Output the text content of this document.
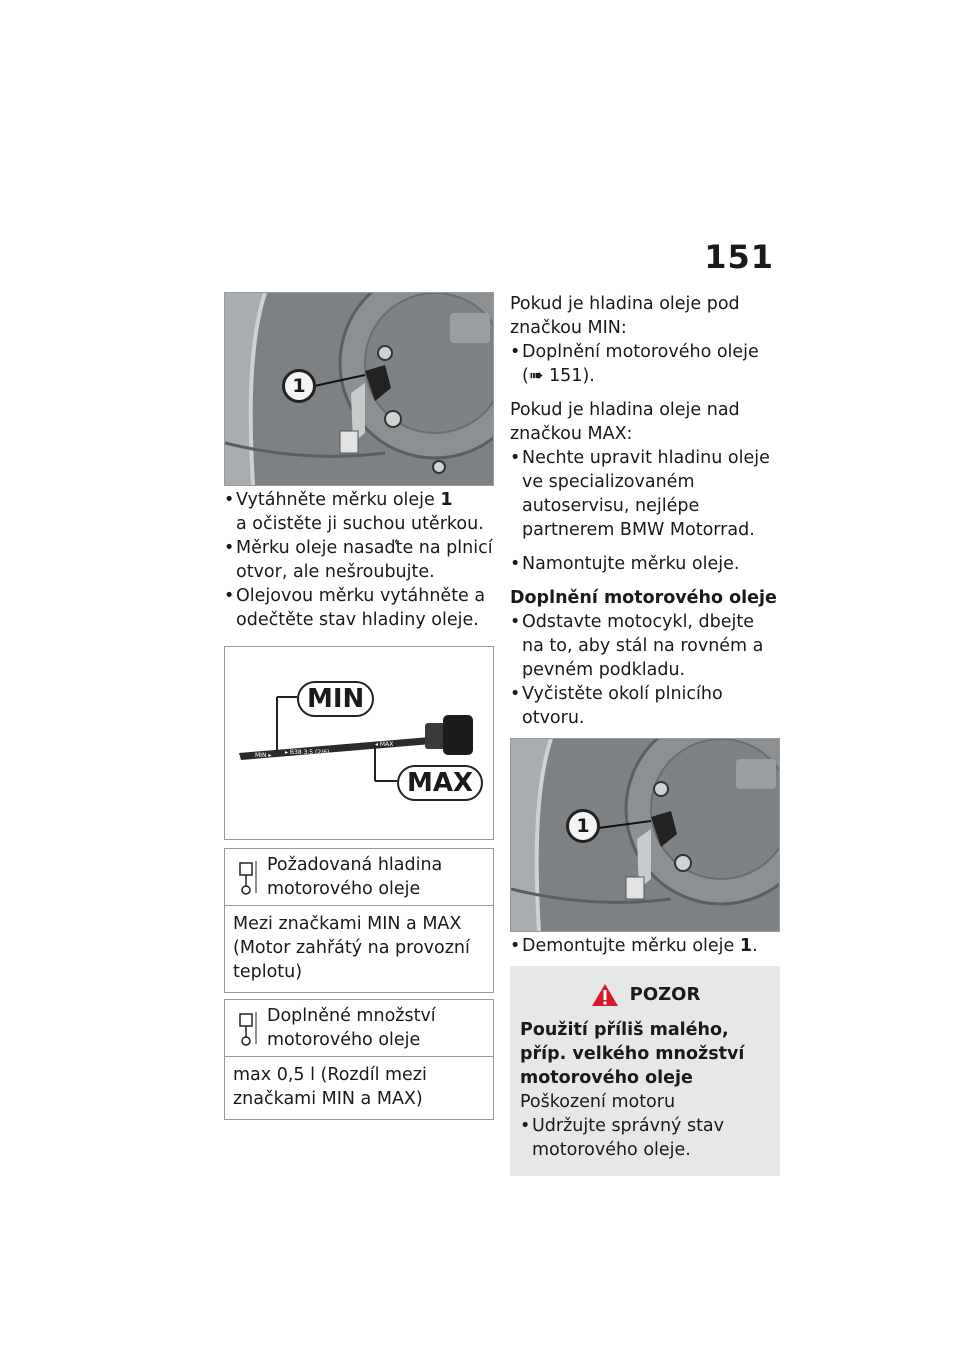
151
1
• Vytáhněte měrku oleje 1
a očistěte ji suchou utěrkou.
• Měrku oleje nasaďte na plnicí otvor, ale nešroubujte.
• Olejovou měrku vytáhněte a odečtěte stav hladiny oleje.
MIN ▸ ▸ B38 3.5 (2/6)
◂ MAX
MIN
MAX
Požadovaná hladina motorového oleje
Mezi značkami MIN a MAX (Motor zahřátý na provozní teplotu)
Doplněné množství motorového oleje
max 0,5 l (Rozdíl mezi značkami MIN a MAX)
Pokud je hladina oleje pod značkou MIN:
• Doplnění motorového oleje (➠ 151).
Pokud je hladina oleje nad značkou MAX:
• Nechte upravit hladinu oleje ve specializovaném autoservisu, nejlépe partnerem BMW Motorrad.
• Namontujte měrku oleje.
Doplnění motorového oleje
• Odstavte motocykl, dbejte na to, aby stál na rovném a pevném podkladu.
• Vyčistěte okolí plnicího otvoru.
1
• Demontujte měrku oleje 1.
POZOR
Použití příliš malého, příp. velkého množství motorového oleje
Poškození motoru
• Udržujte správný stav motorového oleje.
